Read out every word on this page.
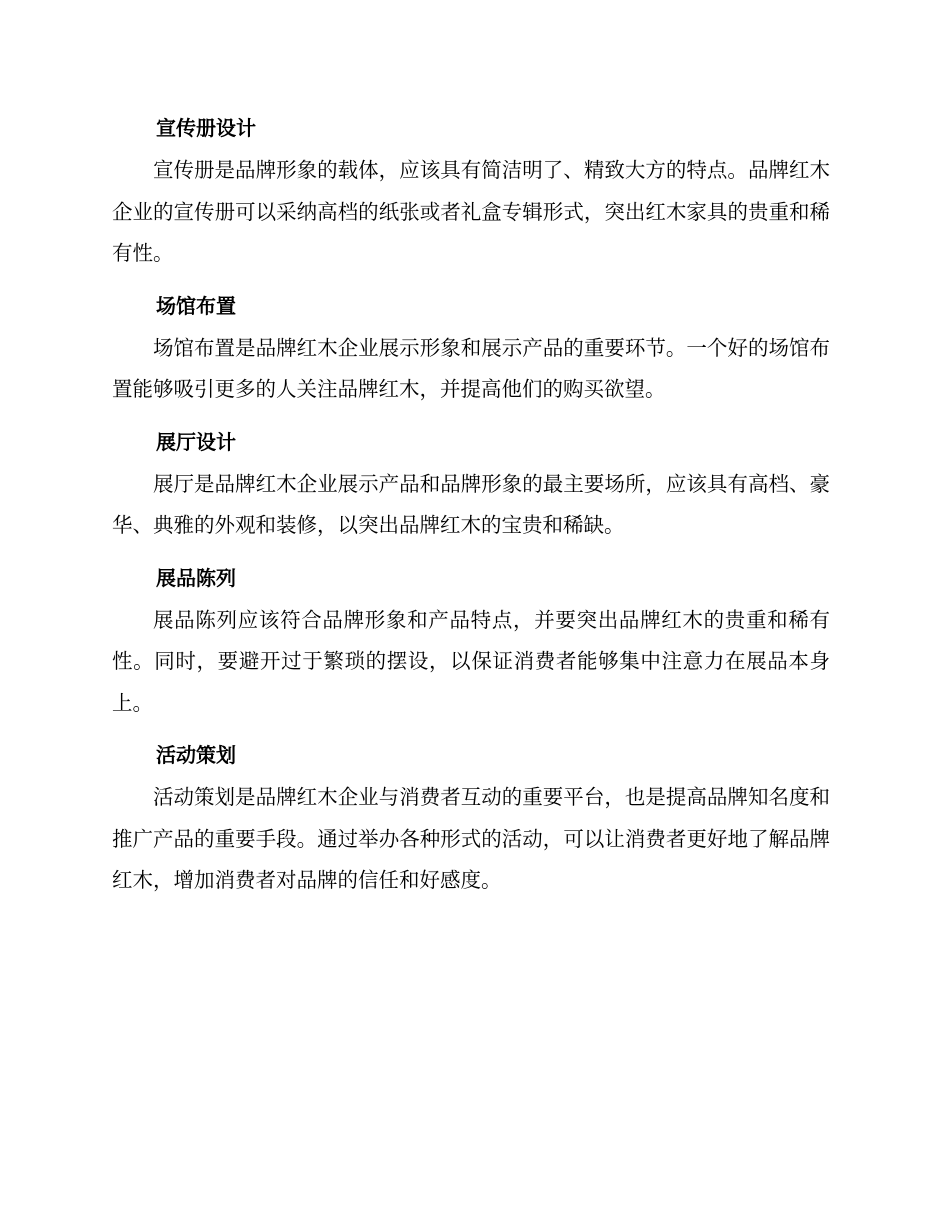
宣传册设计

宣传册是品牌形象的载体，应该具有简洁明了、精致大方的特点。品牌红木企业的宣传册可以采纳高档的纸张或者礼盒专辑形式，突出红木家具的贵重和稀有性。

场馆布置

场馆布置是品牌红木企业展示形象和展示产品的重要环节。一个好的场馆布置能够吸引更多的人关注品牌红木，并提高他们的购买欲望。

展厅设计

展厅是品牌红木企业展示产品和品牌形象的最主要场所，应该具有高档、豪华、典雅的外观和装修，以突出品牌红木的宝贵和稀缺。

展品陈列

展品陈列应该符合品牌形象和产品特点，并要突出品牌红木的贵重和稀有性。同时，要避开过于繁琐的摆设，以保证消费者能够集中注意力在展品本身上。

活动策划

活动策划是品牌红木企业与消费者互动的重要平台，也是提高品牌知名度和推广产品的重要手段。通过举办各种形式的活动，可以让消费者更好地了解品牌红木，增加消费者对品牌的信任和好感度。
